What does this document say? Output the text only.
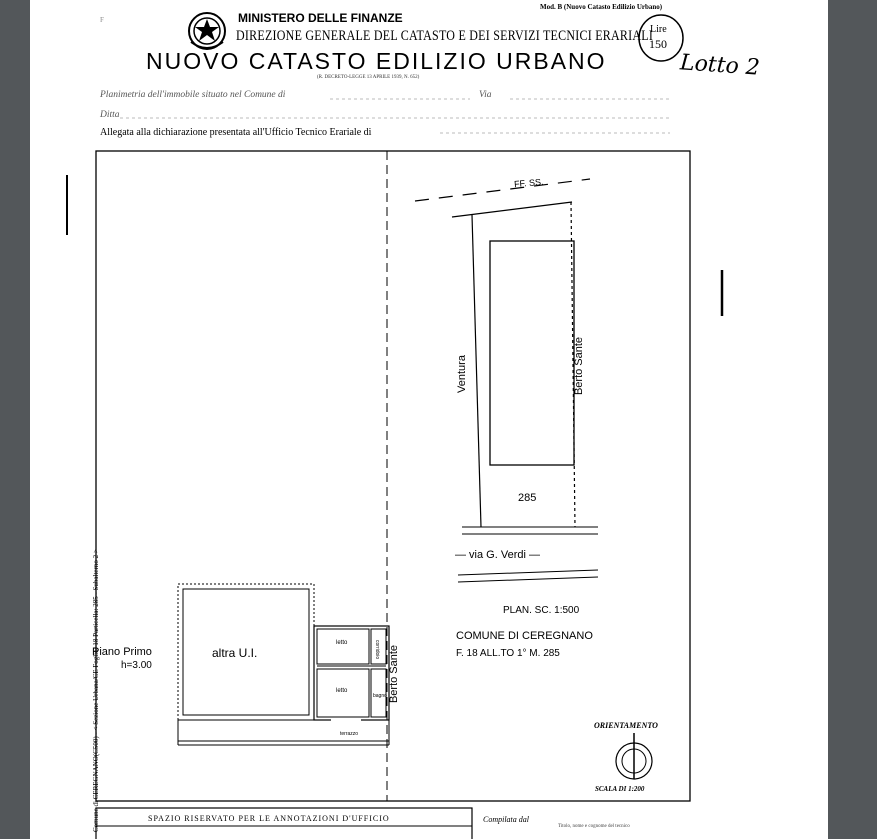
F
Mod. B (Nuovo Catasto Edilizio Urbano)
MINISTERO DELLE FINANZE
DIREZIONE GENERALE DEL CATASTO E DEI SERVIZI TECNICI ERARIALI
NUOVO CATASTO EDILIZIO URBANO
(R. DECRETO-LEGGE 13 APRILE 1939, N. 652)
Lire
150
Lotto 2
Planimetria dell'immobile situato nel Comune di	Via
Ditta
Allegata alla dichiarazione presentata all'Ufficio Tecnico Erariale di
FF. SS.
Ventura	Berto Sante
285
— via G. Verdi —
PLAN. SC. 1:500
COMUNE DI CEREGNANO
F. 18 ALL.TO 1° M. 285
Piano Primo
h=3.00
altra U.I.
letto
letto
bagno
corridoio
terrazzo
Berto Sante
Comune di CEREGNANO(C500) - < Sezione Urbana/CE Foglio: 18 Particella: 285 - Subalterno 2 >	ORIENTAMENTO
SCALA DI 1:200
SPAZIO RISERVATO PER LE ANNOTAZIONI D'UFFICIO	Compilata dal
Titolo, nome e cognome del tecnico
